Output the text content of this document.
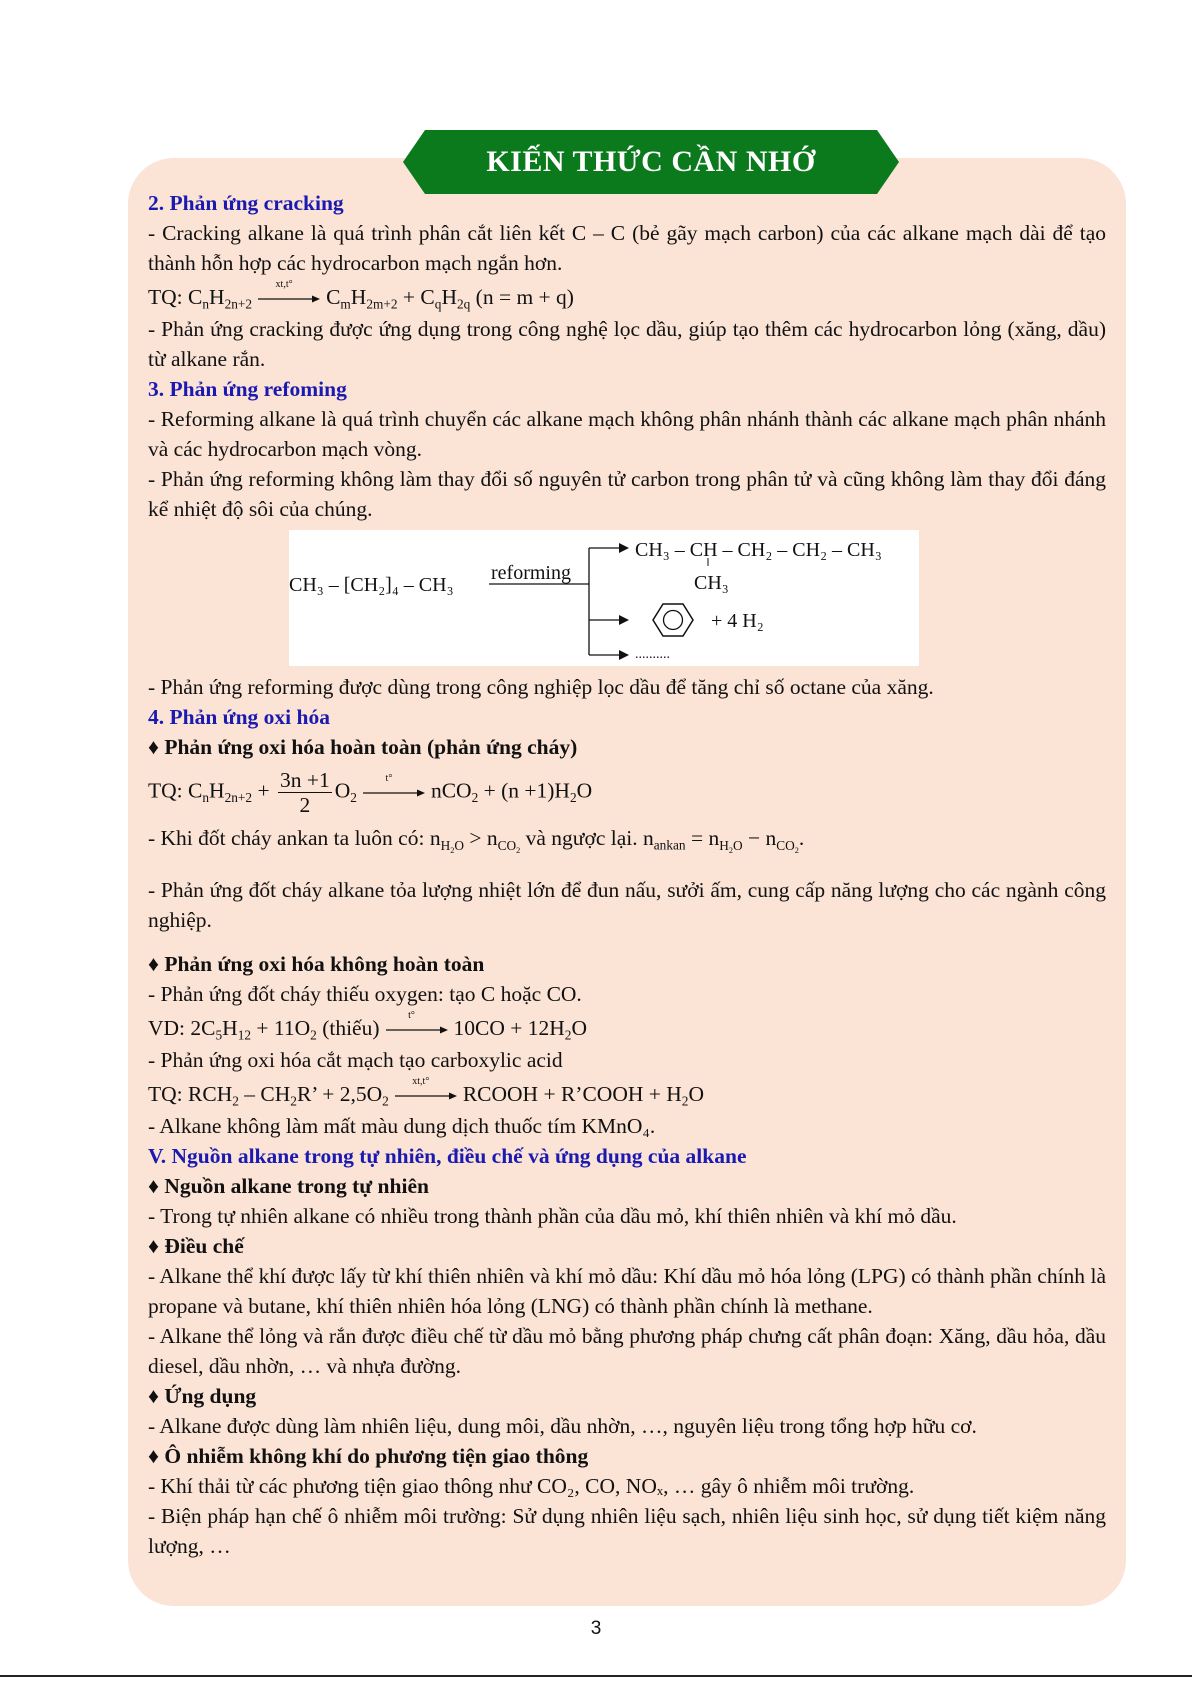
KIẾN THỨC CẦN NHỚ

2. Phản ứng cracking

- Cracking alkane là quá trình phân cắt liên kết C – C (bẻ gãy mạch carbon) của các alkane mạch dài để tạo thành hỗn hợp các hydrocarbon mạch ngắn hơn.

TQ: $C_nH_{2n+2}$
xt,t°
$C_mH_{2m+2} + C_qH_{2q}$ (n = m + q)

- Phản ứng cracking được ứng dụng trong công nghệ lọc dầu, giúp tạo thêm các hydrocarbon lỏng (xăng, dầu) từ alkane rắn.

3. Phản ứng refoming

- Reforming alkane là quá trình chuyển các alkane mạch không phân nhánh thành các alkane mạch phân nhánh và các hydrocarbon mạch vòng.

- Phản ứng reforming không làm thay đổi số nguyên tử carbon trong phân tử và cũng không làm thay đổi đáng kể nhiệt độ sôi của chúng.

CH₃ – [CH₂]₄ – CH₃
reforming
CH₃ – CH – CH₂ – CH₂ – CH₃
CH₃
+ 4 H₂
..........

- Phản ứng reforming được dùng trong công nghiệp lọc dầu để tăng chỉ số octane của xăng.

4. Phản ứng oxi hóa

♦ Phản ứng oxi hóa hoàn toàn (phản ứng cháy)

TQ: $C_nH_{2n+2} + \frac{3n +1}{2} O_2$
t°
$nCO_2 + (n +1)H_2O$

- Khi đốt cháy ankan ta luôn có: $n_{H_2O} > n_{CO_2}$ và ngược lại. $n_{ankan} = n_{H_2O} - n_{CO_2}$.

- Phản ứng đốt cháy alkane tỏa lượng nhiệt lớn để đun nấu, sưởi ấm, cung cấp năng lượng cho các ngành công nghiệp.

♦ Phản ứng oxi hóa không hoàn toàn

- Phản ứng đốt cháy thiếu oxygen: tạo C hoặc CO.

VD: $2C_5H_{12} + 11O_2$ (thiếu)
t°
$10CO + 12H_2O$

- Phản ứng oxi hóa cắt mạch tạo carboxylic acid

TQ: $RCH_2 - CH_2R$’ + $2,5O_2$
xt,t°
RCOOH + R’COOH + $H_2O$

- Alkane không làm mất màu dung dịch thuốc tím KMnO₄.

V. Nguồn alkane trong tự nhiên, điều chế và ứng dụng của alkane

♦ Nguồn alkane trong tự nhiên

- Trong tự nhiên alkane có nhiều trong thành phần của dầu mỏ, khí thiên nhiên và khí mỏ dầu.

♦ Điều chế

- Alkane thể khí được lấy từ khí thiên nhiên và khí mỏ dầu: Khí dầu mỏ hóa lỏng (LPG) có thành phần chính là propane và butane, khí thiên nhiên hóa lỏng (LNG) có thành phần chính là methane.

- Alkane thể lỏng và rắn được điều chế từ dầu mỏ bằng phương pháp chưng cất phân đoạn: Xăng, dầu hỏa, dầu diesel, dầu nhờn, … và nhựa đường.

♦ Ứng dụng

- Alkane được dùng làm nhiên liệu, dung môi, dầu nhờn, …, nguyên liệu trong tổng hợp hữu cơ.

♦ Ô nhiễm không khí do phương tiện giao thông

- Khí thải từ các phương tiện giao thông như CO₂, CO, NOₓ, … gây ô nhiễm môi trường.

- Biện pháp hạn chế ô nhiễm môi trường: Sử dụng nhiên liệu sạch, nhiên liệu sinh học, sử dụng tiết kiệm năng lượng, …

3
